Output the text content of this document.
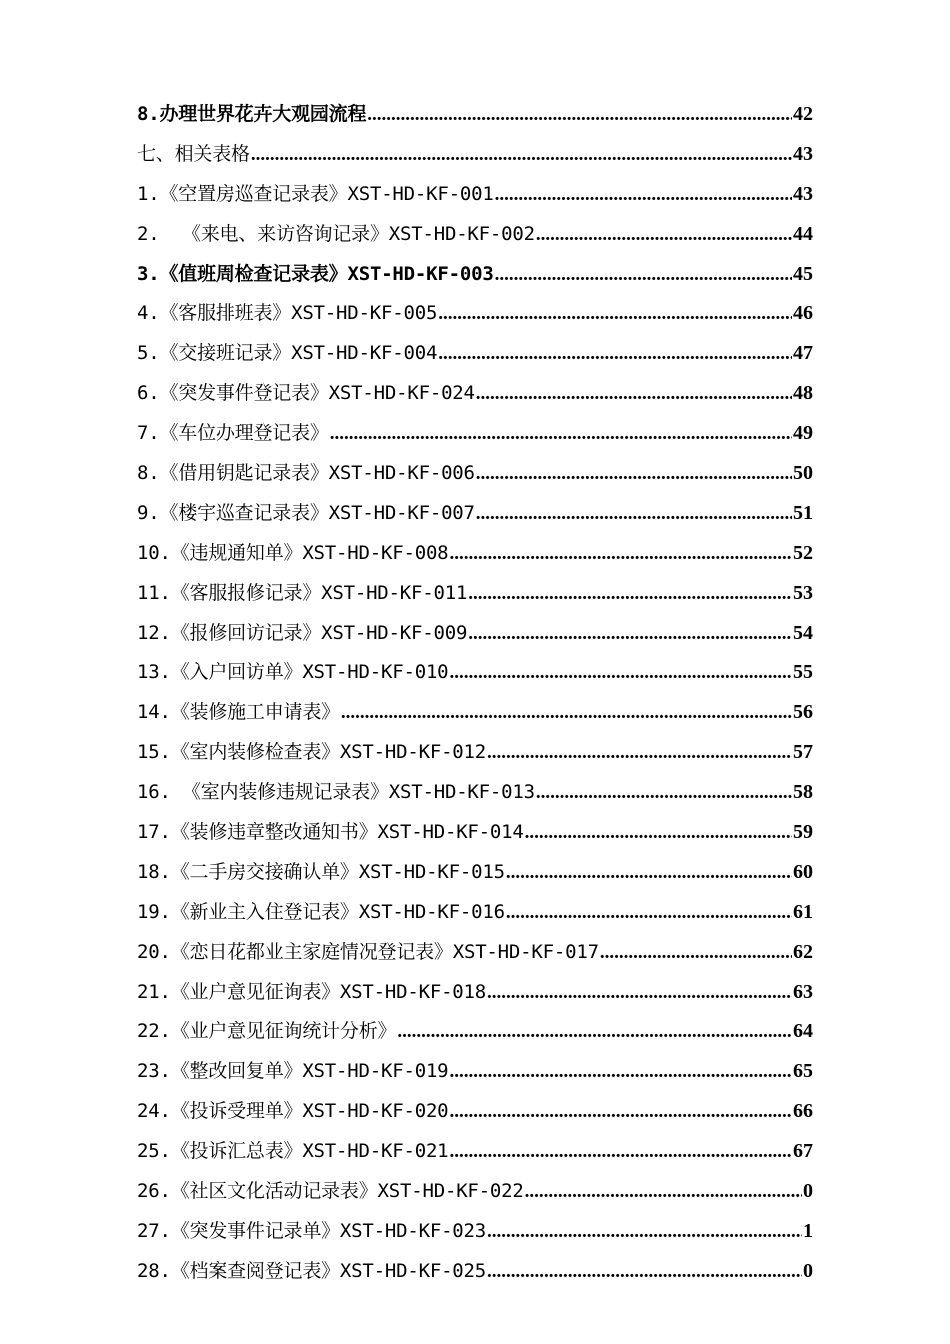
8.办理世界花卉大观园流程 .....	42
七、相关表格 .....	43
1.《空置房巡查记录表》XST-HD-KF-001 .....	43
2.  《来电、来访咨询记录》XST-HD-KF-002 .....	44
3.《值班周检查记录表》XST-HD-KF-003 .....	45
4.《客服排班表》XST-HD-KF-005 .....	46
5.《交接班记录》XST-HD-KF-004 .....	47
6.《突发事件登记表》XST-HD-KF-024 .....	48
7.《车位办理登记表》 .....	49
8.《借用钥匙记录表》XST-HD-KF-006 .....	50
9.《楼宇巡查记录表》XST-HD-KF-007 .....	51
10.《违规通知单》XST-HD-KF-008 .....	52
11.《客服报修记录》XST-HD-KF-011 .....	53
12.《报修回访记录》XST-HD-KF-009 .....	54
13.《入户回访单》XST-HD-KF-010 .....	55
14.《装修施工申请表》 .....	56
15.《室内装修检查表》XST-HD-KF-012 .....	57
16. 《室内装修违规记录表》XST-HD-KF-013 .....	58
17.《装修违章整改通知书》XST-HD-KF-014 .....	59
18.《二手房交接确认单》XST-HD-KF-015 .....	60
19.《新业主入住登记表》XST-HD-KF-016 .....	61
20.《恋日花都业主家庭情况登记表》XST-HD-KF-017 .....	62
21.《业户意见征询表》XST-HD-KF-018 .....	63
22.《业户意见征询统计分析》 .....	64
23.《整改回复单》XST-HD-KF-019 .....	65
24.《投诉受理单》XST-HD-KF-020 .....	66
25.《投诉汇总表》XST-HD-KF-021 .....	67
26.《社区文化活动记录表》XST-HD-KF-022 .....	0
27.《突发事件记录单》XST-HD-KF-023 .....	1
28.《档案查阅登记表》XST-HD-KF-025 .....	0
